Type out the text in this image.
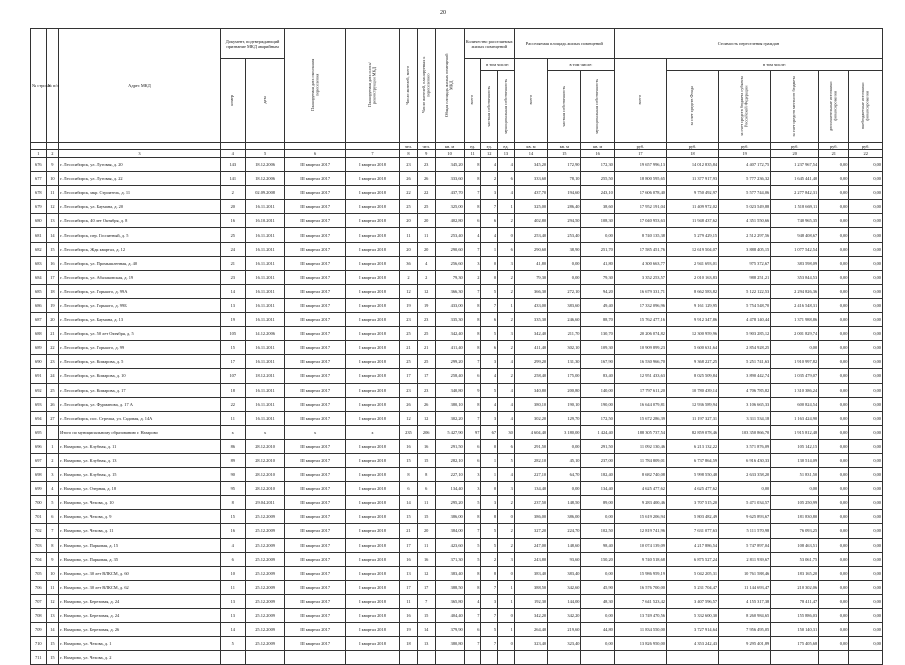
20
№ строки	№ п/п	Адрес МКД	Документ, подтверждающий признание МКД аварийным		Планируемая дата окончания переселения	Планируемая дата сноса/ реконструкции МКД	Число жителей, всего	Число жителей, планируемых к переселению	Общая площадь жилых помещений МКД	Количество расселяемых жилых помещений			Расселяемая площадь жилых помещений			Стоимость переселения граждан					
			номер	дата						всего	в том числе:		всего	в том числе:		всего	в том числе:				
											частная собственность	муниципальная собственность		частная собственность	муниципальная собственность		за счет средств Фонда	за счет средств бюджета субъекта Российской Федерации	за счет средств местного бюджета	дополнительные источники финансирования	внебюджетные источники финансирования
							чел.	чел.	кв. м	ед.	ед.	ед.	кв. м	кв. м	кв. м	руб.	руб.	руб.	руб.	руб.	руб.
1	2	3	4	5	6	7	8	9	10	11	12	13	14	15	16	17	18	19	20	21	22
676	9	г. Лесосибирск, ул. Луговая, д. 20	143	18.12.2006	III квартал 2017	I квартал 2018	23	23	345,20	8	4	4	345,20	172,90	172,30	19 657 996,13	14 012 835,84	4 407 172,75	1 237 967,54	0,00	0,00
677	10	г. Лесосибирск, ул. Луговая, д. 22	141	18.12.2006	III квартал 2017	I квартал 2018	26	26	333,60	8	2	6	333,60	78,10	255,50	18 800 595,65	11 377 917,93	5 777 236,32	1 645 441,40	0,00	0,00
678	11	г. Лесосибирск, мкр. Строитель, д. 11	2	02.09.2008	III квартал 2017	I квартал 2018	22	22	437,70	7	3	4	437,70	194,60	243,10	17 606 078,40	9 750 492,97	5 577 744,06	2 277 842,31	0,00	0,00
679	12	г. Лесосибирск, ул. Баумана, д. 20	20	16.11.2011	III квартал 2017	I квартал 2018	25	25	325,00	8	7	1	325,00	286,40	38,60	17 952 191,04	11 409 972,02	5 023 549,88	1 518 669,11	0,00	0,00
680	13	г. Лесосибирск, 40 лет Октября, д. 8	16	16.10.2011	III квартал 2017	I квартал 2018	20	20	402,80	6	6	2	402,80	294,50	108,30	17 040 953,63	11 948 437,62	4 351 550,66	740 965,35	0,00	0,00
681	14	г. Лесосибирск, пер. Госпитный, д. 5	25	16.11.2011	III квартал 2017	I квартал 2018	11	11	253,40	4	4	0	253,40	253,40	0,00	8 740 135,38	5 279 429,15	2 512 297,56	948 408,67	0,00	0,00
682	15	г. Лесосибирск, Ждк квартал, д. 12	24	16.11.2011	III квартал 2017	I квартал 2018	20	20	290,60	7	1	6	290,60	38,90	251,70	17 585 451,76	12 619 504,07	3 888 405,15	1 077 542,54	0,00	0,00
683	16	г. Лесосибирск, ул. Промышленная, д. 40	21	16.11.2011	III квартал 2017	I квартал 2018	36	4	256,60	3	0	3	41,80	0,00	41,80	4 300 663,77	2 941 693,01	975 372,67	383 598,09	0,00	0,00
684	17	г. Лесосибирск, ул. Абалаковская, д. 19	23	16.11.2011	III квартал 2017	I квартал 2018	2	2	79,30	2	0	2	79,30	0,00	79,30	3 352 253,57	2 010 163,83	988 251,21	353 844,53	0,00	0,00
685	18	г. Лесосибирск, ул. Горького, д. 99А	14	16.11.2011	III квартал 2017	I квартал 2018	12	12	366,30	7	5	2	366,30	272,10	94,20	16 679 331,71	8 662 583,82	5 122 122,53	2 294 826,36	0,00	0,00
686	19	г. Лесосибирск, ул. Горького, д. 99Б	13	16.11.2011	III квартал 2017	I квартал 2018	19	19	433,00	8	7	1	433,00	383,60	49,40	17 332 096,96	9 161 129,95	5 754 548,70	2 416 548,31	0,00	0,00
687	20	г. Лесосибирск, ул. Баумана, д. 13	19	16.11.2011	III квартал 2017	I квартал 2018	23	23	335,30	8	6	2	335,30	246,60	88,70	15 762 477,16	9 912 347,86	4 478 140,44	1 371 988,86	0,00	0,00
688	21	г. Лесосибирск, ул. 50 лет Октября, д. 5	105	14.12.2006	III квартал 2017	I квартал 2018	25	25	342,40	8	5	3	342,40	211,70	130,70	20 206 074,82	12 300 959,96	5 903 285,12	2 001 829,74	0,00	0,00
689	22	г. Лесосибирск, ул. Горького, д. 99	15	16.11.2011	III квартал 2017	I квартал 2018	21	21	411,40	8	6	2	411,40	302,10	109,30	10 909 899,23	5 600 631,64	2 854 928,25	0,00	0,00	0,00
690	23	г. Лесосибирск, ул. Комарова, д. 5	17	16.11.2011	III квартал 2017	I квартал 2018	25	25	299,20	7	3	4	299,20	131,30	167,90	16 530 966,70	9 368 227,25	5 251 741,63	1 910 997,82	0,00	0,00
691	24	г. Лесосибирск, ул. Комарова, д. 10	107	18.12.2011	III квартал 2017	I квартал 2018	17	17	258,40	6	4	2	258,40	175,00	83,40	12 951 433,63	8 025 509,84	3 890 442,74	1 035 479,07	0,00	0,00
692	25	г. Лесосибирск, ул. Комарова, д. 17	18	16.11.2011	III квартал 2017	I квартал 2018	23	23	340,80	9	5	4	340,80	200,80	140,00	17 797 611,20	10 780 439,14	4 706 785,82	1 310 386,24	0,00	0,00
693	26	г. Лесосибирск, ул. Фурманова, д. 17 А	22	16.11.2011	III квартал 2017	I квартал 2018	26	26	380,10	8	4	4	380,10	190,10	190,00	16 644 079,81	12 936 589,94	3 106 665,33	600 824,54	0,00	0,00
694	27	г. Лесосибирск, пос. Стрелка, ул. Садовая, д. 14А	11	16.11.2011	III квартал 2017	I квартал 2018	12	12	302,20	7	3	4	302,20	129,70	172,50	15 672 286,39	11 197 327,31	3 311 534,18	1 163 424,90	0,00	0,00
695		Итого по муниципальному образованию г. Назарово	х	х	х	х	235	206	5 427,90	97	67	30	4 604,40	3 180,00	1 424,40	188 305 737,54	82 859 078,46	103 350 866,70	1 915 812,48	0,00	0,00
696	1	г. Назарово, ул. Клубная, д. 11	86	28.12.2010	III квартал 2017	I квартал 2018	16	16	291,50	6	0	6	291,50	0,00	291,50	11 092 130,46	6 213 132,22	3 571 876,09	105 142,15	0,00	0,00
697	2	г. Назарово, ул. Клубная, д. 13	89	28.12.2010	III квартал 2017	I квартал 2018	15	15	282,10	6	1	5	282,10	45,10	237,00	11 784 809,01	6 737 864,59	6 916 430,33	130 514,09	0,00	0,00
698	3	г. Назарово, ул. Клубная, д. 15	90	28.12.2010	III квартал 2017	I квартал 2018	8	8	227,10	3	1	4	227,10	64,70	182,40	8 682 740,08	5 998 550,48	2 633 358,20	51 831,50	0,00	0,00
699	4	г. Назарово, ул. Озерная, д. 18	95	28.12.2010	III квартал 2017	I квартал 2018	6	6	134,40	3	0	3	134,40	0,00	134,40	4 625 477,62	4 625 477,62	0,00	0,00	0,00	0,00
700	5	г. Назарово, ул. Чехова, д. 10	8	29.04.2011	III квартал 2017	I квартал 2018	14	11	295,20	5	3	2	237,50	148,50	89,00	9 283 400,46	3 707 515,20	5 471 034,57	105 250,99	0,00	0,00
701	6	г. Назарово, ул. Чехова, д. 9	15	25.12.2009	III квартал 2017	I квартал 2018	15	15	386,00	8	8	0	386,00	386,00	0,00	15 619 206,94	5 803 482,49	9 625 893,67	181 830,80	0,00	0,00
702	7	г. Назарово, ул. Чехова, д. 11	16	25.12.2009	III квартал 2017	I квартал 2018	21	20	384,00	7	5	2	327,20	224,70	102,50	12 819 741,96	7 631 077,63	5 111 570,98	76 093,25	0,00	0,00
703	8	г. Назарово, ул. Парковая, д. 15	4	25.12.2009	III квартал 2017	I квартал 2018	17	11	423,60	5	5	2	247,00	148,60	98,40	10 074 139,09	4 217 886,54	5 747 897,04	108 463,51	0,00	0,00
704	9	г. Назарово, ул. Парковая, д. 35	6	25.12.2009	III квартал 2017	I квартал 2018	16	16	371,30	5	2	3	243,80	93,60	150,20	9 740 518,68	6 875 527,24	2 811 939,67	53 061,75	0,00	0,00
705	10	г. Назарово, ул. 30 лет ВЛКСМ, д. 60	10	25.12.2009	III квартал 2017	I квартал 2018	13	12	383,40	8	8	0	383,40	383,40	0,00	15 986 959,19	5 042 205,31	10 761 588,46	183 165,20	0,00	0,00
706	11	г. Назарово, ул. 30 лет ВЛКСМ, д. 62	11	25.12.2009	III квартал 2017	I квартал 2018	17	17	388,50	8	7	1	388,50	342,60	45,90	16 576 700,00	5 231 704,47	11 144 693,47	210 302,06	0,00	0,00
707	12	г. Назарово, ул. Березовая, д. 24	13	25.12.2009	III квартал 2017	I квартал 2018	11	7	365,80	4	3	1	192,30	144,00	48,30	7 641 523,42	3 407 596,57	4 155 317,38	78 411,47	0,00	0,00
708	13	г. Назарово, ул. Березовая, д. 24	13	25.12.2009	III квартал 2017	I квартал 2018	16	15	404,40	7	7	0	342,20	342,20	0,00	13 749 470,56	5 332 600,30	8 260 984,65	155 886,03	0,00	0,00
709	14	г. Назарово, ул. Березовая, д. 26	14	25.12.2009	III квартал 2017	I квартал 2018	19	14	379,90	6	5	1	264,40	219,60	44,80	11 834 550,00	3 727 914,64	7 956 495,05	150 140,31	0,00	0,00
710	15	г. Назарово, ул. Чехова, д. 1	5	25.12.2009	III квартал 2017	I квартал 2018	18	13	380,80	7	7	0	323,40	323,40	0,00	13 826 950,00	4 353 242,43	9 295 401,89	175 405,68	0,00	0,00
711	15	г. Назарово, ул. Чехова, д. 2																			
